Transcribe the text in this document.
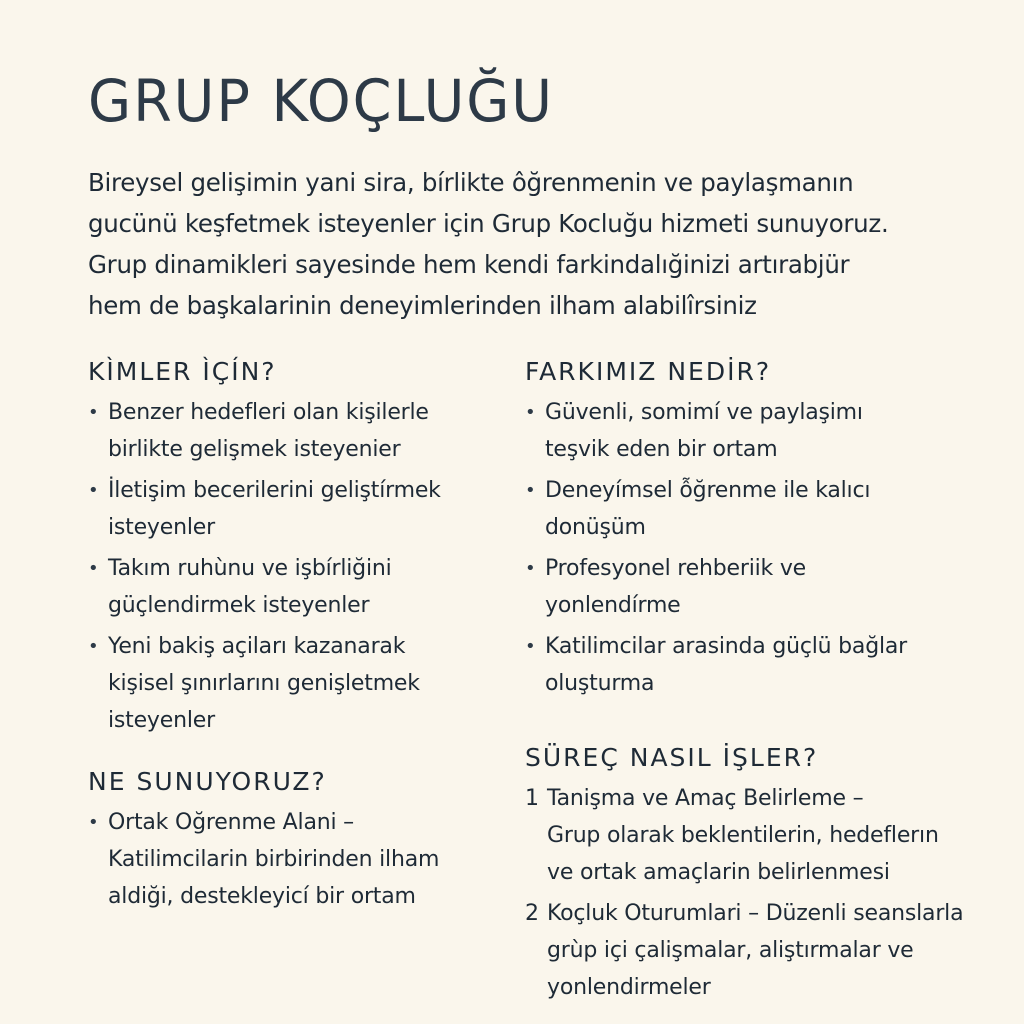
GRUP KOÇLUĞU

Bireysel gelişimin yani sira, bírlikte ôğrenmenin ve paylaşmanın
gucünü keşfetmek isteyenler için Grup Kocluğu hizmeti sunuyoruz.
Grup dinamikleri sayesinde hem kendi farkindalığinizi artırabjür
hem de başkalarinin deneyimlerinden ilham alabilîrsiniz

KÌMLER ÌÇÍN?
• Benzer hedefleri olan kişilerle
birlikte gelişmek isteyenier
• İletişim becerilerini geliştírmek
isteyenler
• Takım ruhùnu ve işbírliğini
güçlendirmek isteyenler
• Yeni bakiş açiları kazanarak
kişisel şınırlarını genişletmek
isteyenler
FARKIMIZ NEDİR?
• Güvenli, somimí ve paylaşimı
teşvik eden bir ortam
• Deneyímsel ỗğrenme ile kalıcı
donüşüm
• Profesyonel rehberiik ve
yonlendírme
• Katilimcilar arasinda güçlü bağlar
oluşturma
NE SUNUYORUZ?
• Ortak Oğrenme Alani –
Katilimcilarin birbirinden ilham
aldiği, destekleyicí bir ortam
SÜREÇ NASIL İŞLER?
1 Tanişma ve Amaç Belirleme –
Grup olarak beklentilerin, hedeflerın
ve ortak amaçlarin belirlenmesi
2 Koçluk Oturumlari – Düzenli seanslarla
grùp içi çalişmalar, aliştırmalar ve
yonlendirmeler
